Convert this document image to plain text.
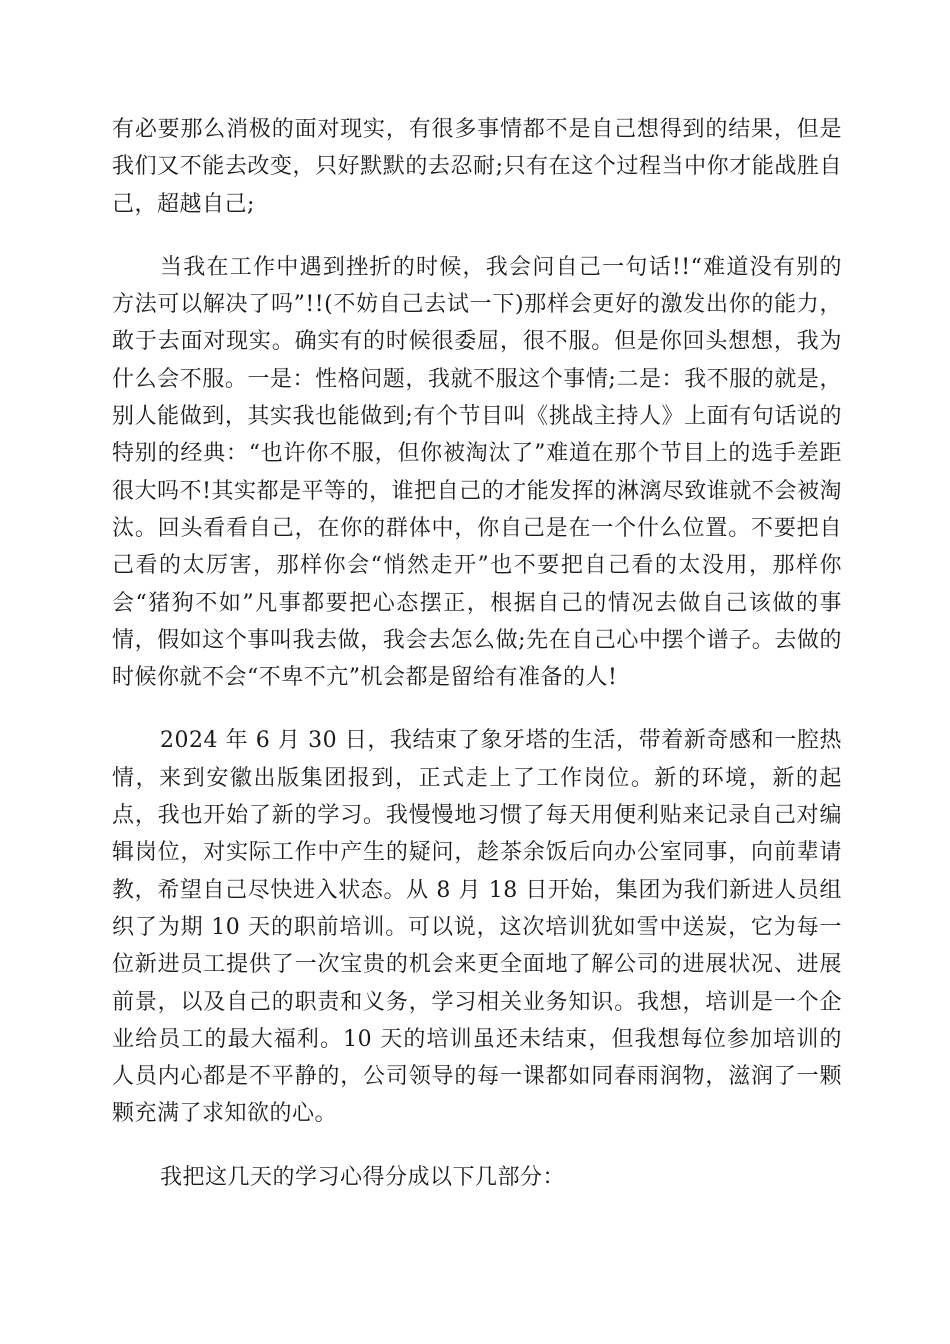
有必要那么消极的面对现实，有很多事情都不是自己想得到的结果，但是我们又不能去改变，只好默默的去忍耐;只有在这个过程当中你才能战胜自己，超越自己;

当我在工作中遇到挫折的时候，我会问自己一句话!!“难道没有别的方法可以解决了吗”!!(不妨自己去试一下)那样会更好的激发出你的能力，敢于去面对现实。确实有的时候很委屈，很不服。但是你回头想想，我为什么会不服。一是：性格问题，我就不服这个事情;二是：我不服的就是，别人能做到，其实我也能做到;有个节目叫《挑战主持人》上面有句话说的特别的经典：“也许你不服，但你被淘汰了”难道在那个节目上的选手差距很大吗不!其实都是平等的，谁把自己的才能发挥的淋漓尽致谁就不会被淘汰。回头看看自己，在你的群体中，你自己是在一个什么位置。不要把自己看的太厉害，那样你会“悄然走开”也不要把自己看的太没用，那样你会“猪狗不如”凡事都要把心态摆正，根据自己的情况去做自己该做的事情，假如这个事叫我去做，我会去怎么做;先在自己心中摆个谱子。去做的时候你就不会“不卑不亢”机会都是留给有准备的人!

2024 年 6 月 30 日，我结束了象牙塔的生活，带着新奇感和一腔热情，来到安徽出版集团报到，正式走上了工作岗位。新的环境，新的起点，我也开始了新的学习。我慢慢地习惯了每天用便利贴来记录自己对编辑岗位，对实际工作中产生的疑问，趁茶余饭后向办公室同事，向前辈请教，希望自己尽快进入状态。从 8 月 18 日开始，集团为我们新进人员组织了为期 10 天的职前培训。可以说，这次培训犹如雪中送炭，它为每一位新进员工提供了一次宝贵的机会来更全面地了解公司的进展状况、进展前景，以及自己的职责和义务，学习相关业务知识。我想，培训是一个企业给员工的最大福利。10 天的培训虽还未结束，但我想每位参加培训的人员内心都是不平静的，公司领导的每一课都如同春雨润物，滋润了一颗颗充满了求知欲的心。

我把这几天的学习心得分成以下几部分：
